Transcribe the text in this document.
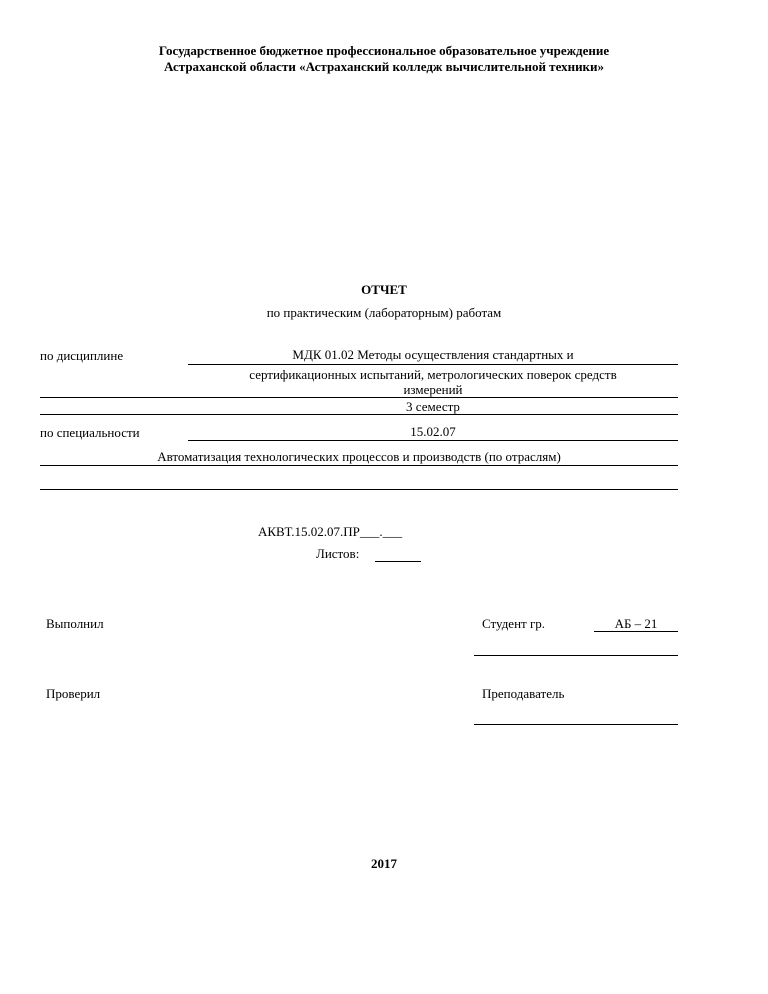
Государственное бюджетное профессиональное образовательное учреждение
Астраханской области «Астраханский колледж вычислительной техники»
ОТЧЕТ
по практическим (лабораторным) работам
по дисциплине	МДК 01.02 Методы осуществления стандартных и
сертификационных испытаний, метрологических поверок средств
измерений
3 семестр
по специальности	15.02.07
Автоматизация технологических процессов и производств (по отраслям)
АКВТ.15.02.07.ПР___.___
Листов:
Выполнил	Студент гр.	АБ – 21
Проверил	Преподаватель
2017
